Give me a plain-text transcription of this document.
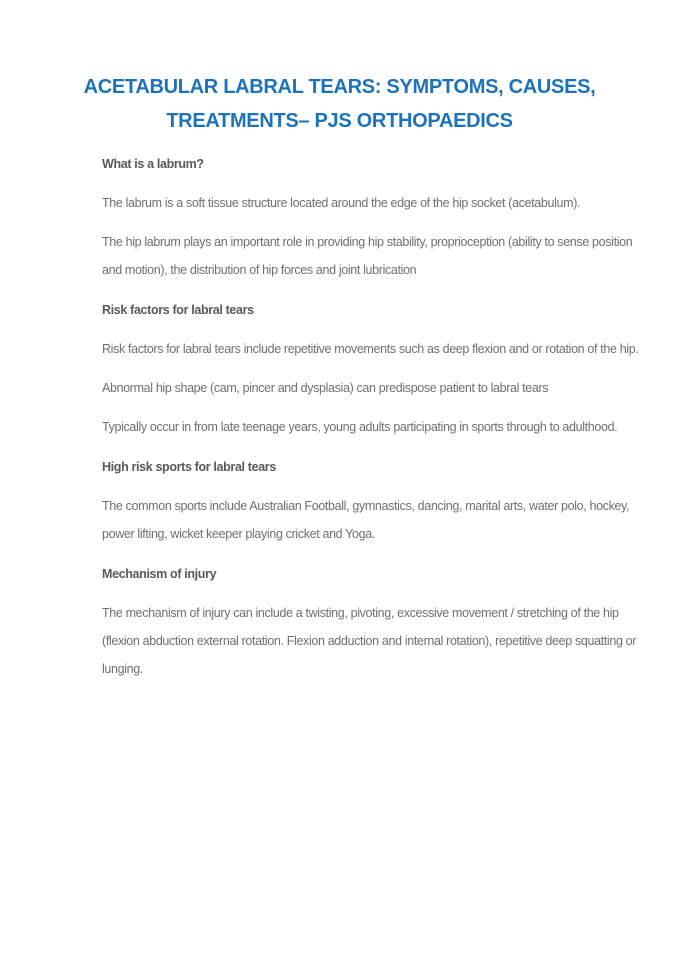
ACETABULAR LABRAL TEARS: SYMPTOMS, CAUSES,
TREATMENTS– PJS ORTHOPAEDICS
What is a labrum?

The labrum is a soft tissue structure located around the edge of the hip socket (acetabulum).

The hip labrum plays an important role in providing hip stability, proprioception (ability to sense position and motion), the distribution of hip forces and joint lubrication

Risk factors for labral tears

Risk factors for labral tears include repetitive movements such as deep flexion and or rotation of the hip.

Abnormal hip shape (cam, pincer and dysplasia) can predispose patient to labral tears

Typically occur in from late teenage years, young adults participating in sports through to adulthood.

High risk sports for labral tears

The common sports include Australian Football, gymnastics, dancing, marital arts, water polo, hockey, power lifting, wicket keeper playing cricket and Yoga.

Mechanism of injury

The mechanism of injury can include a twisting, pivoting, excessive movement / stretching of the hip (flexion abduction external rotation. Flexion adduction and internal rotation), repetitive deep squatting or lunging.
